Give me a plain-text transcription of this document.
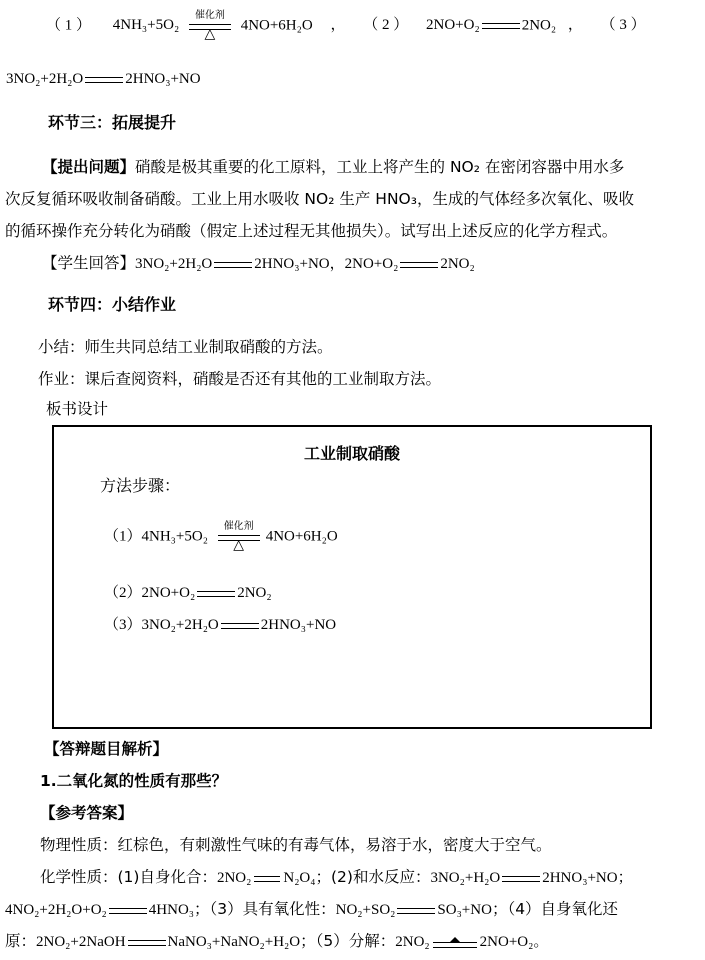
（ 1 ） 4NH₃+5O₂
催化剂
△
4NO+6H₂O ， （ 2 ） 2NO+O₂	2NO₂ ， （ 3 ）
3NO₂+2H₂O	2HNO₃+NO
环节三：拓展提升
【提出问题】硝酸是极其重要的化工原料，工业上将产生的 NO₂ 在密闭容器中用水多
次反复循环吸收制备硝酸。工业上用水吸收 NO₂ 生产 HNO₃，生成的气体经多次氧化、吸收
的循环操作充分转化为硝酸（假定上述过程无其他损失）。试写出上述反应的化学方程式。
【学生回答】3NO₂+2H₂O	2HNO₃+NO，2NO+O₂	2NO₂
环节四：小结作业
小结：师生共同总结工业制取硝酸的方法。
作业：课后查阅资料，硝酸是否还有其他的工业制取方法。
板书设计
工业制取硝酸
方法步骤：
（1）4NH₃+5O₂
催化剂
△
4NO+6H₂O
（2）2NO+O₂	2NO₂
（3）3NO₂+2H₂O	2HNO₃+NO
【答辩题目解析】
1.二氧化氮的性质有那些？
【参考答案】
物理性质：红棕色，有刺激性气味的有毒气体，易溶于水，密度大于空气。
化学性质：(1)自身化合：2NO₂ N₂O₄；(2)和水反应：3NO₂+H₂O	2HNO₃+NO；
4NO₂+2H₂O+O₂	4HNO₃；（3）具有氧化性：NO₂+SO₂	SO₃+NO；（4）自身氧化还
原：2NO₂+2NaOH	NaNO₃+NaNO₂+H₂O；（5）分解：2NO₂	2NO+O₂。
